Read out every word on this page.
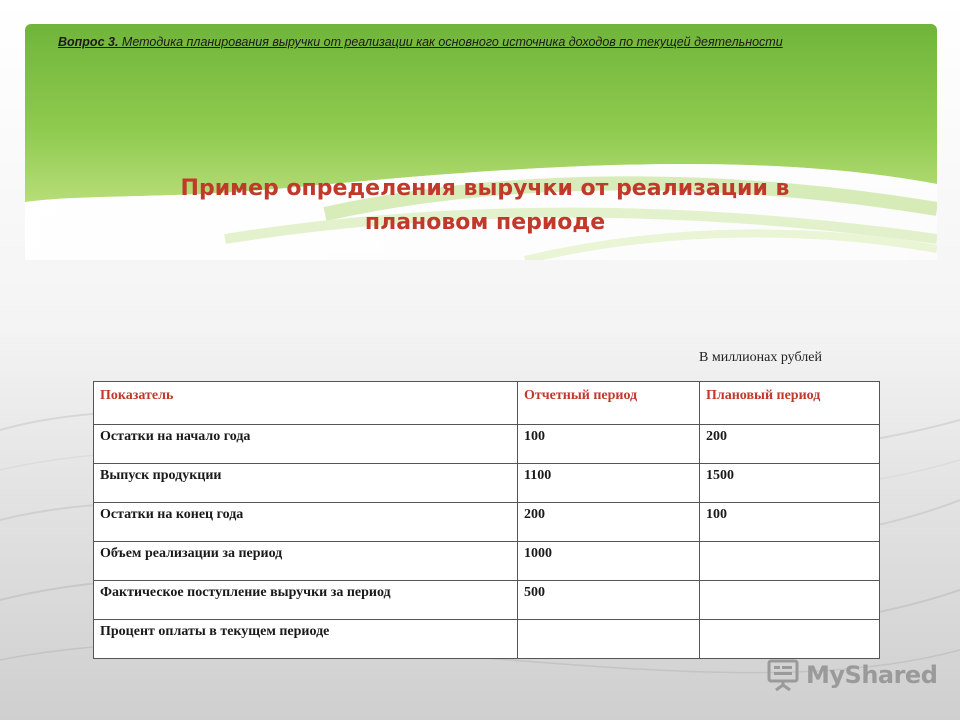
Вопрос 3. Методика планирования выручки от реализации как основного источника доходов по текущей деятельности
Пример определения выручки от реализации в плановом периоде
В миллионах рублей
Показатель	Отчетный период	Плановый период
Остатки на начало года	100	200
Выпуск продукции	1100	1500
Остатки на конец года	200	100
Объем реализации за период	1000	
Фактическое поступление выручки за период	500	
Процент оплаты в текущем периоде		
MyShared
